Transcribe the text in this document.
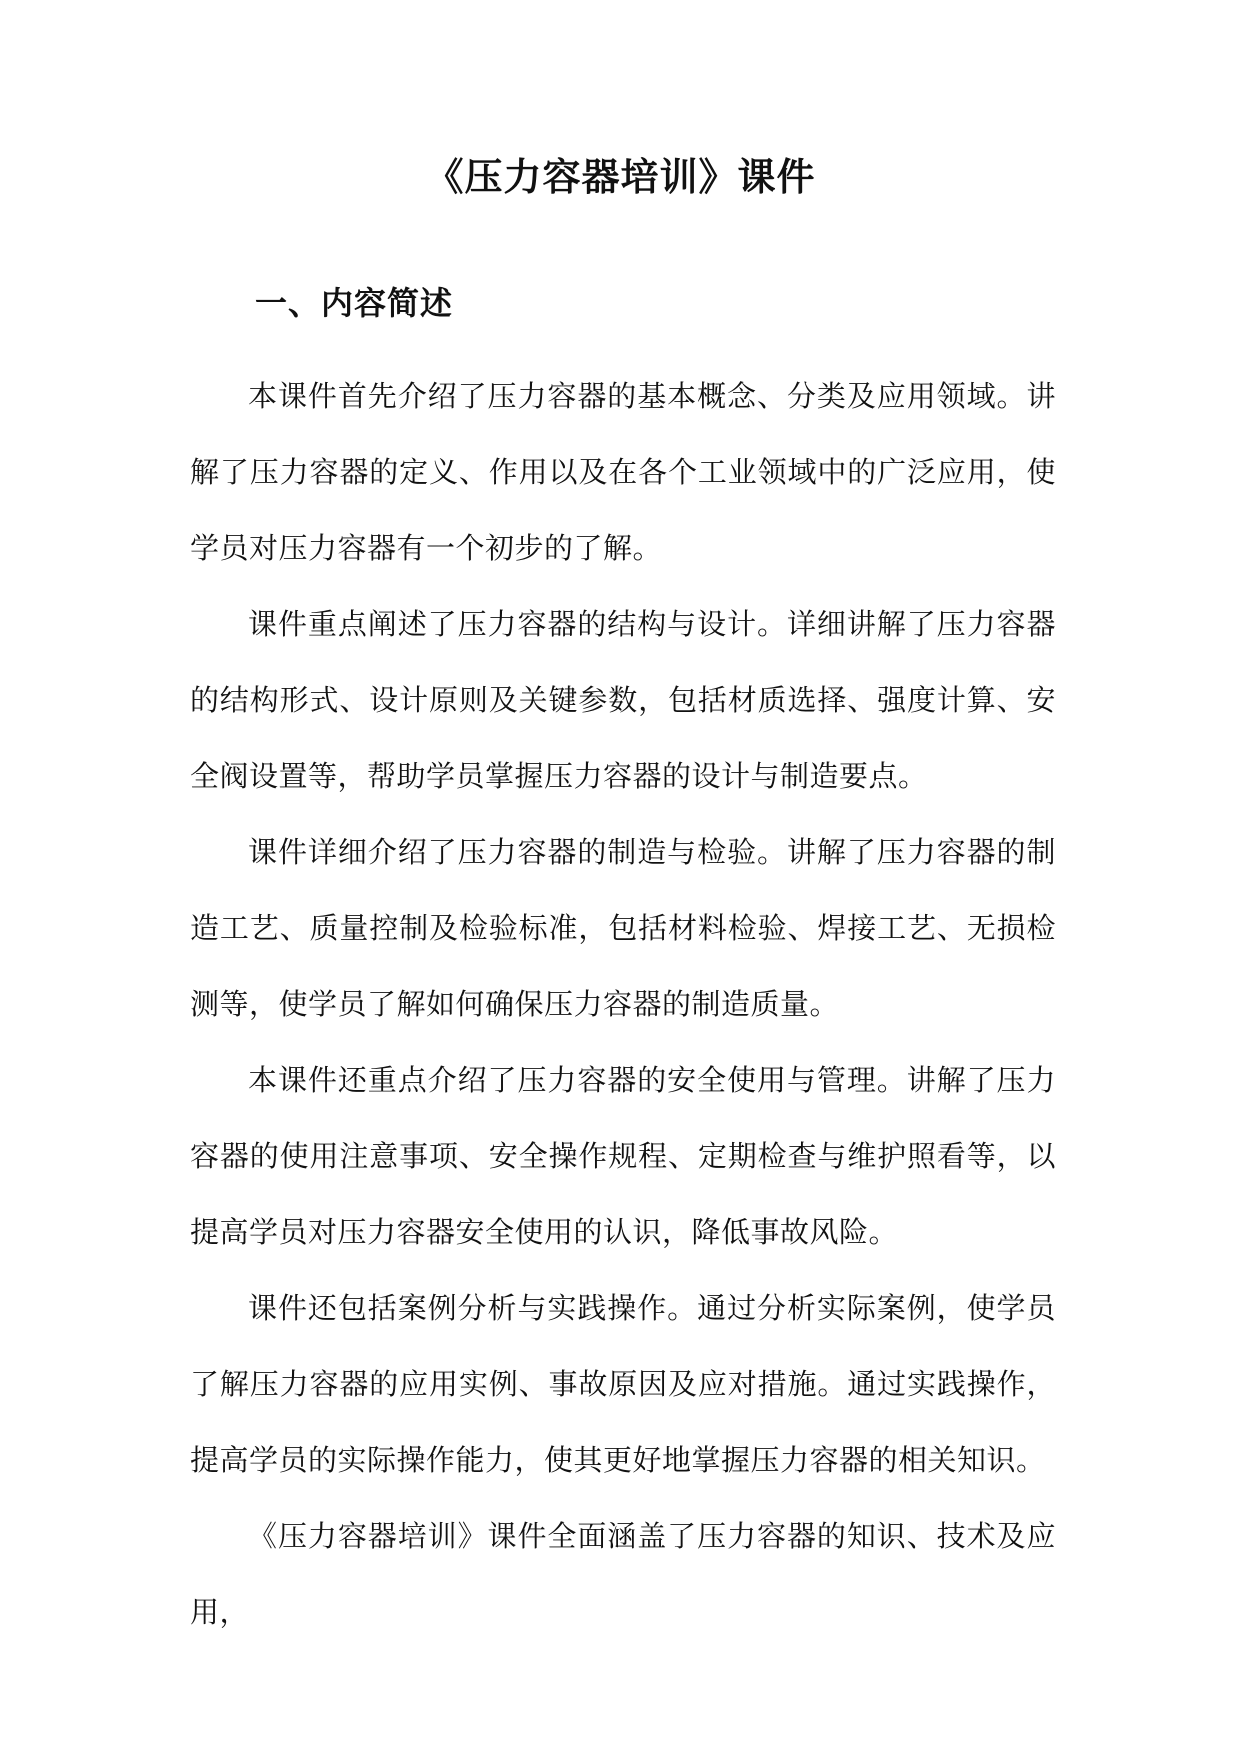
《压力容器培训》课件
一、内容简述

本课件首先介绍了压力容器的基本概念、分类及应用领域。讲解了压力容器的定义、作用以及在各个工业领域中的广泛应用，使学员对压力容器有一个初步的了解。

课件重点阐述了压力容器的结构与设计。详细讲解了压力容器的结构形式、设计原则及关键参数，包括材质选择、强度计算、安全阀设置等，帮助学员掌握压力容器的设计与制造要点。

课件详细介绍了压力容器的制造与检验。讲解了压力容器的制造工艺、质量控制及检验标准，包括材料检验、焊接工艺、无损检测等，使学员了解如何确保压力容器的制造质量。

本课件还重点介绍了压力容器的安全使用与管理。讲解了压力容器的使用注意事项、安全操作规程、定期检查与维护照看等，以提高学员对压力容器安全使用的认识，降低事故风险。

课件还包括案例分析与实践操作。通过分析实际案例，使学员了解压力容器的应用实例、事故原因及应对措施。通过实践操作，提高学员的实际操作能力，使其更好地掌握压力容器的相关知识。

《压力容器培训》课件全面涵盖了压力容器的知识、技术及应用，
